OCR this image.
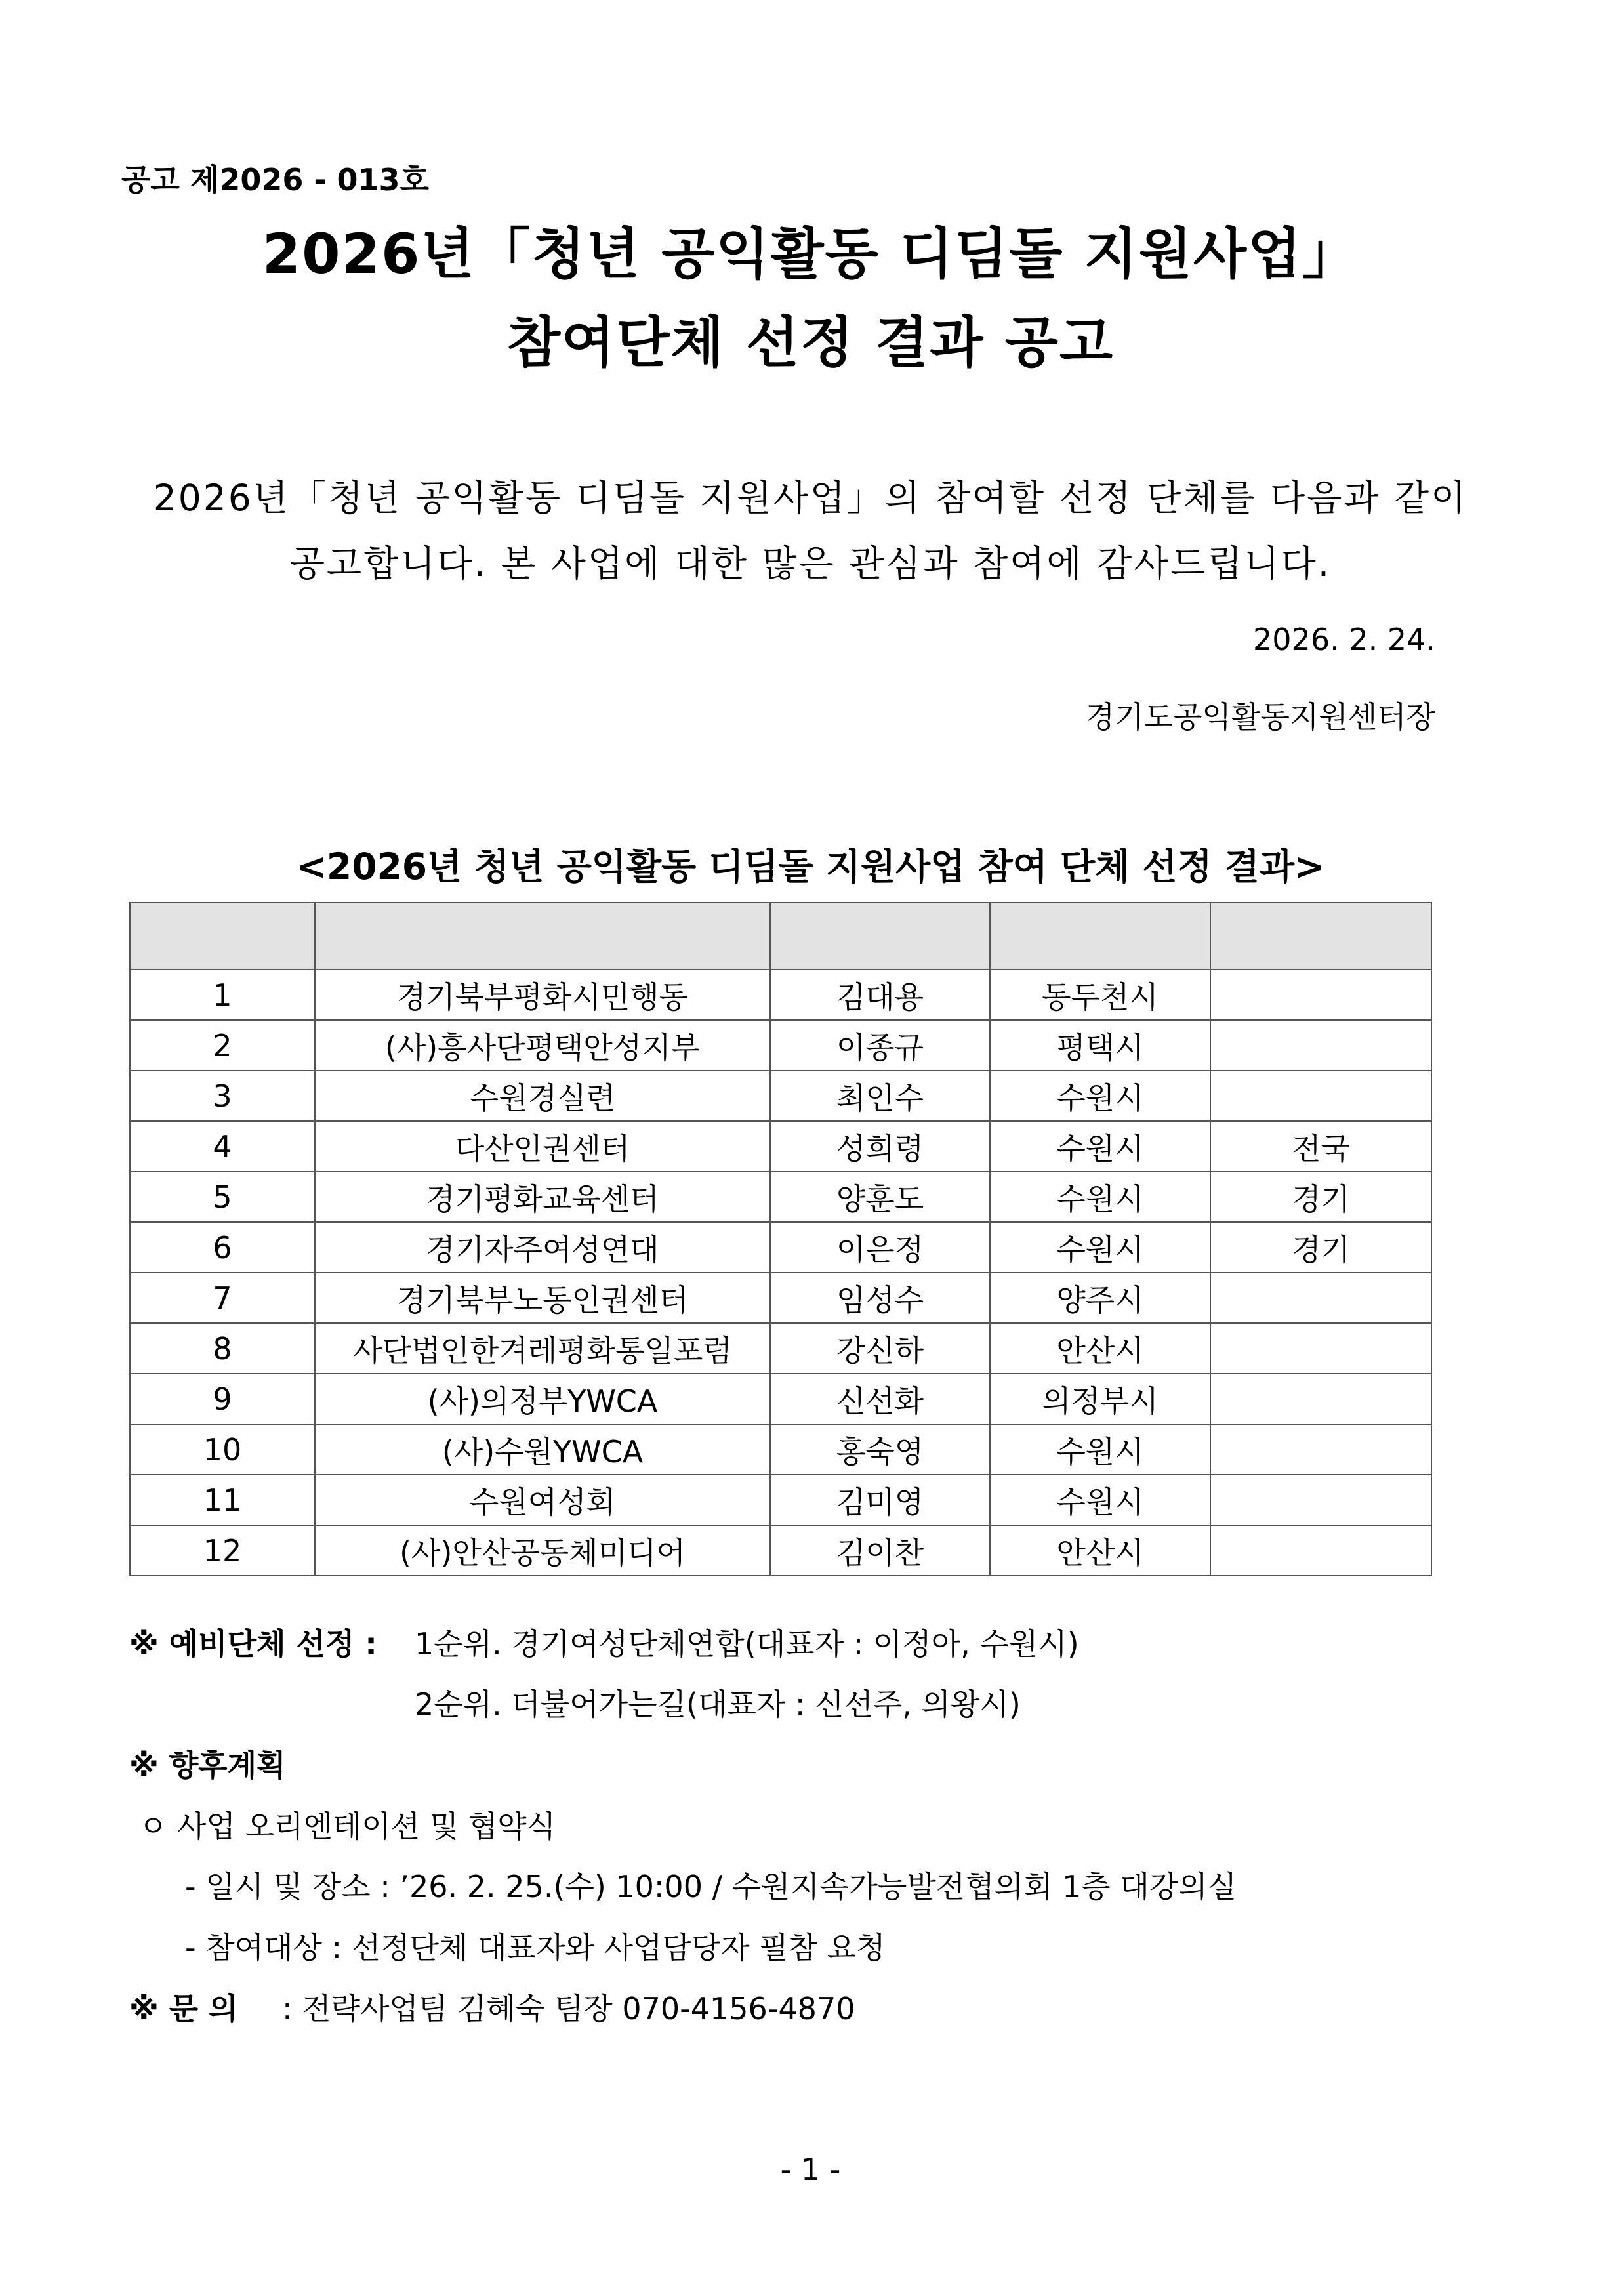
공고 제2026 - 013호
2026년「청년 공익활동 디딤돌 지원사업」
참여단체 선정 결과 공고
2026년「청년 공익활동 디딤돌 지원사업」의 참여할 선정 단체를 다음과 같이
공고합니다. 본 사업에 대한 많은 관심과 참여에 감사드립니다.
2026. 2. 24.
경기도공익활동지원센터장
<2026년 청년 공익활동 디딤돌 지원사업 참여 단체 선정 결과>

1	경기북부평화시민행동	김대용	동두천시	
2	(사)흥사단평택안성지부	이종규	평택시	
3	수원경실련	최인수	수원시	
4	다산인권센터	성희령	수원시	전국
5	경기평화교육센터	양훈도	수원시	경기
6	경기자주여성연대	이은정	수원시	경기
7	경기북부노동인권센터	임성수	양주시	
8	사단법인한겨레평화통일포럼	강신하	안산시	
9	(사)의정부YWCA	신선화	의정부시	
10	(사)수원YWCA	홍숙영	수원시	
11	수원여성회	김미영	수원시	
12	(사)안산공동체미디어	김이찬	안산시	
※ 예비단체 선정 : 1순위. 경기여성단체연합(대표자 : 이정아, 수원시)
2순위. 더불어가는길(대표자 : 신선주, 의왕시)
※ 향후계획
ㅇ 사업 오리엔테이션 및 협약식
- 일시 및 장소 : ’26. 2. 25.(수) 10:00 / 수원지속가능발전협의회 1층 대강의실
- 참여대상 : 선정단체 대표자와 사업담당자 필참 요청
※ 문 의 : 전략사업팀 김혜숙 팀장 070-4156-4870
- 1 -
